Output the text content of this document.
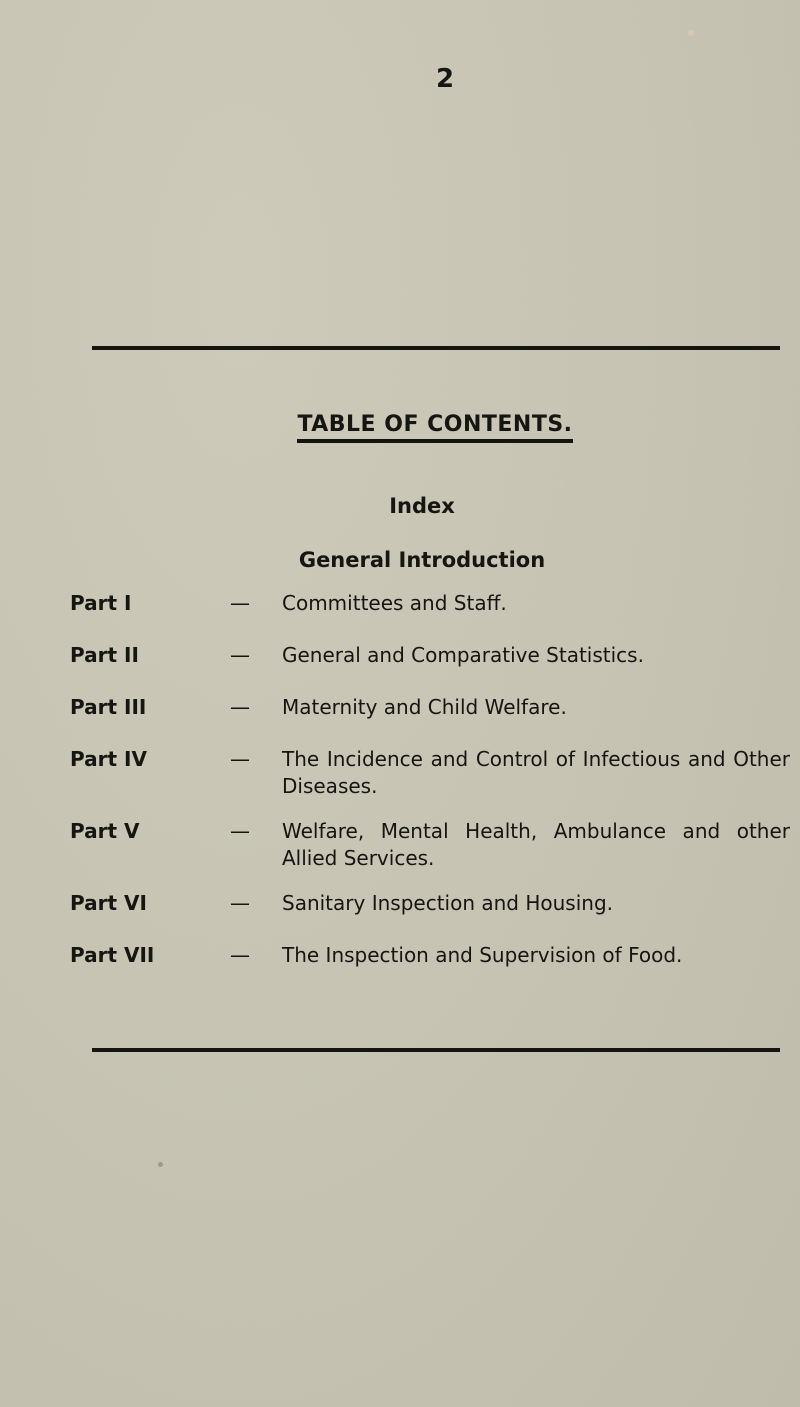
2
TABLE OF CONTENTS.
Index
General Introduction
Part I	— Committees and Staff.
Part II	— General and Comparative Statistics.
Part III	— Maternity and Child Welfare.
Part IV	— The Incidence and Control of Infectious and Other Diseases.
Part V	— Welfare, Mental Health, Ambulance and other Allied Services.
Part VI	— Sanitary Inspection and Housing.
Part VII	— The Inspection and Supervision of Food.
